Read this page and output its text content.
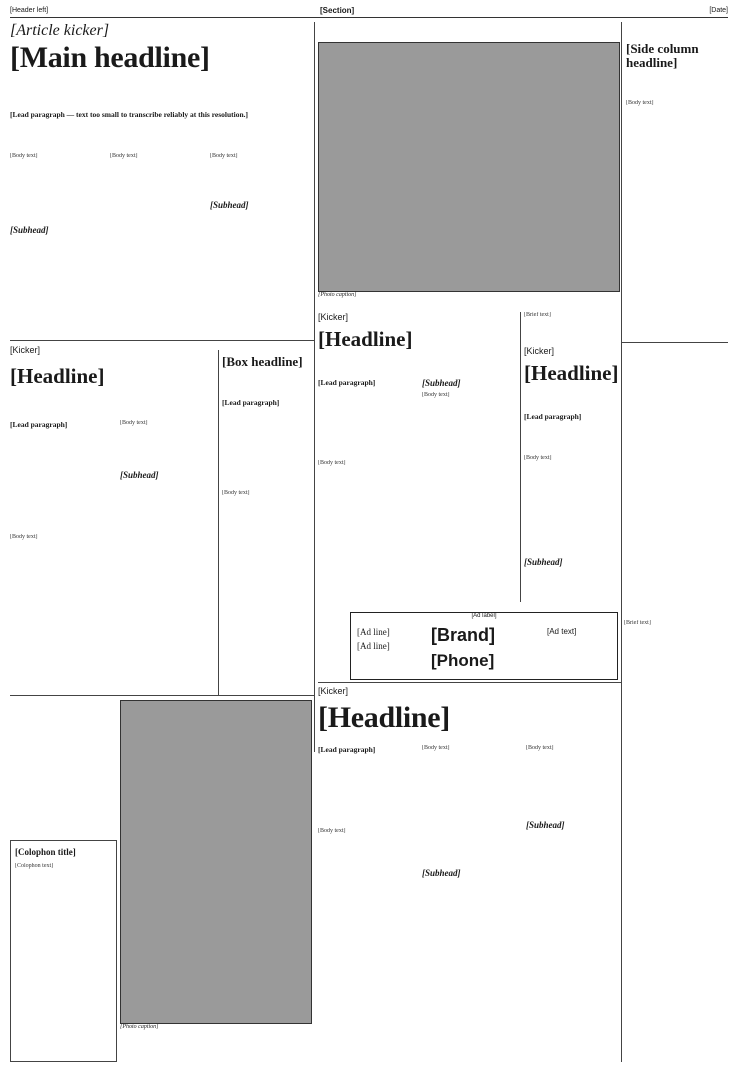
[Header left]	[Section]	[Date]
[Article kicker]
[Main headline]
[Lead paragraph — text too small to transcribe reliably at this resolution.]
[Body text]
[Subhead]
[Body text]
[Subhead]
[Body text]
[Photo caption]
[Side column headline]
[Body text]
[Kicker]
[Headline]
[Lead paragraph]
[Body text]
[Subhead]
[Body text]
[Box headline]
[Lead paragraph]
[Body text]
[Kicker]
[Headline]
[Lead paragraph]
[Body text]
[Subhead]
[Body text]
[Brief text]
[Kicker]
[Headline]
[Lead paragraph]
[Body text]
[Subhead]
[Ad label]
[Ad line]
[Ad line]
[Brand]
[Phone]
[Ad text]
[Brief text]
[Kicker]
[Headline]
[Lead paragraph]
[Body text]
[Subhead]
[Body text]
[Subhead]
[Body text]
[Photo caption]
[Colophon title]
[Colophon text]
